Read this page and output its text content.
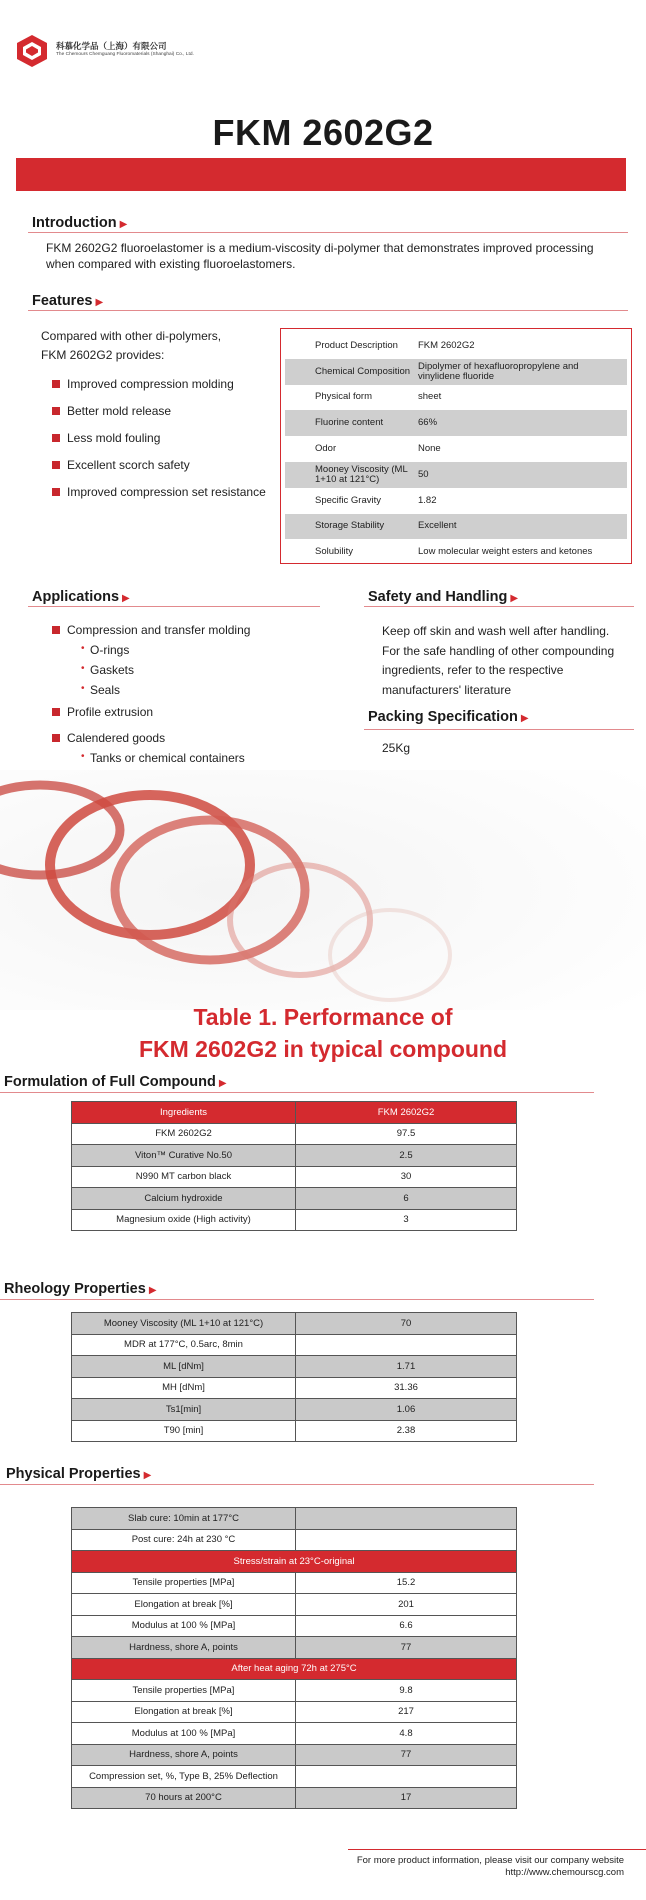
科慕化学品（上海）有限公司
The Chemours Chemguang Fluoromaterials (Shanghai) Co., Ltd.
FKM 2602G2
Introduction ▶
FKM 2602G2 fluoroelastomer is a medium-viscosity di-polymer that demonstrates improved processing when compared with existing fluoroelastomers.
Features ▶
Compared with other di-polymers,
FKM 2602G2 provides:
Improved compression molding
Better mold release
Less mold fouling
Excellent scorch safety
Improved compression set resistance
Product Description	FKM 2602G2
Chemical Composition Dipolymer of hexafluoropropylene and vinylidene fluoride
Physical form	sheet
Fluorine content	66%
Odor	None
Mooney Viscosity (ML 1+10 at 121°C)	50
Specific Gravity	1.82
Storage Stability	Excellent
Solubility	Low molecular weight esters and ketones
Applications ▶
Compression and transfer molding
• O-rings
• Gaskets
• Seals
Profile extrusion
Calendered goods
• Tanks or chemical containers
Safety and Handling ▶
Keep off skin and wash well after handling.
For the safe handling of other compounding
ingredients, refer to the respective
manufacturers' literature
Packing Specification ▶
25Kg
Table 1. Performance of
FKM 2602G2 in typical compound
Formulation of Full Compound ▶
Ingredients	FKM 2602G2
FKM 2602G2	97.5
Viton™ Curative No.50	2.5
N990 MT carbon black	30
Calcium hydroxide	6
Magnesium oxide (High activity)	3
Rheology Properties ▶
Mooney Viscosity (ML 1+10 at 121°C)	70
MDR at 177°C, 0.5arc, 8min	
ML [dNm]	1.71
MH [dNm]	31.36
Ts1[min]	1.06
T90 [min]	2.38
Physical Properties ▶
Slab cure: 10min at 177°C	
Post cure: 24h at 230 °C	
Stress/strain at 23°C-original	
Tensile properties [MPa]	15.2
Elongation at break [%]	201
Modulus at 100 % [MPa]	6.6
Hardness, shore A, points	77
After heat aging 72h at 275°C	
Tensile properties [MPa]	9.8
Elongation at break [%]	217
Modulus at 100 % [MPa]	4.8
Hardness, shore A, points	77
Compression set, %, Type B, 25% Deflection	
70 hours at 200°C	17
For more product information, please visit our company website
http://www.chemourscg.com
